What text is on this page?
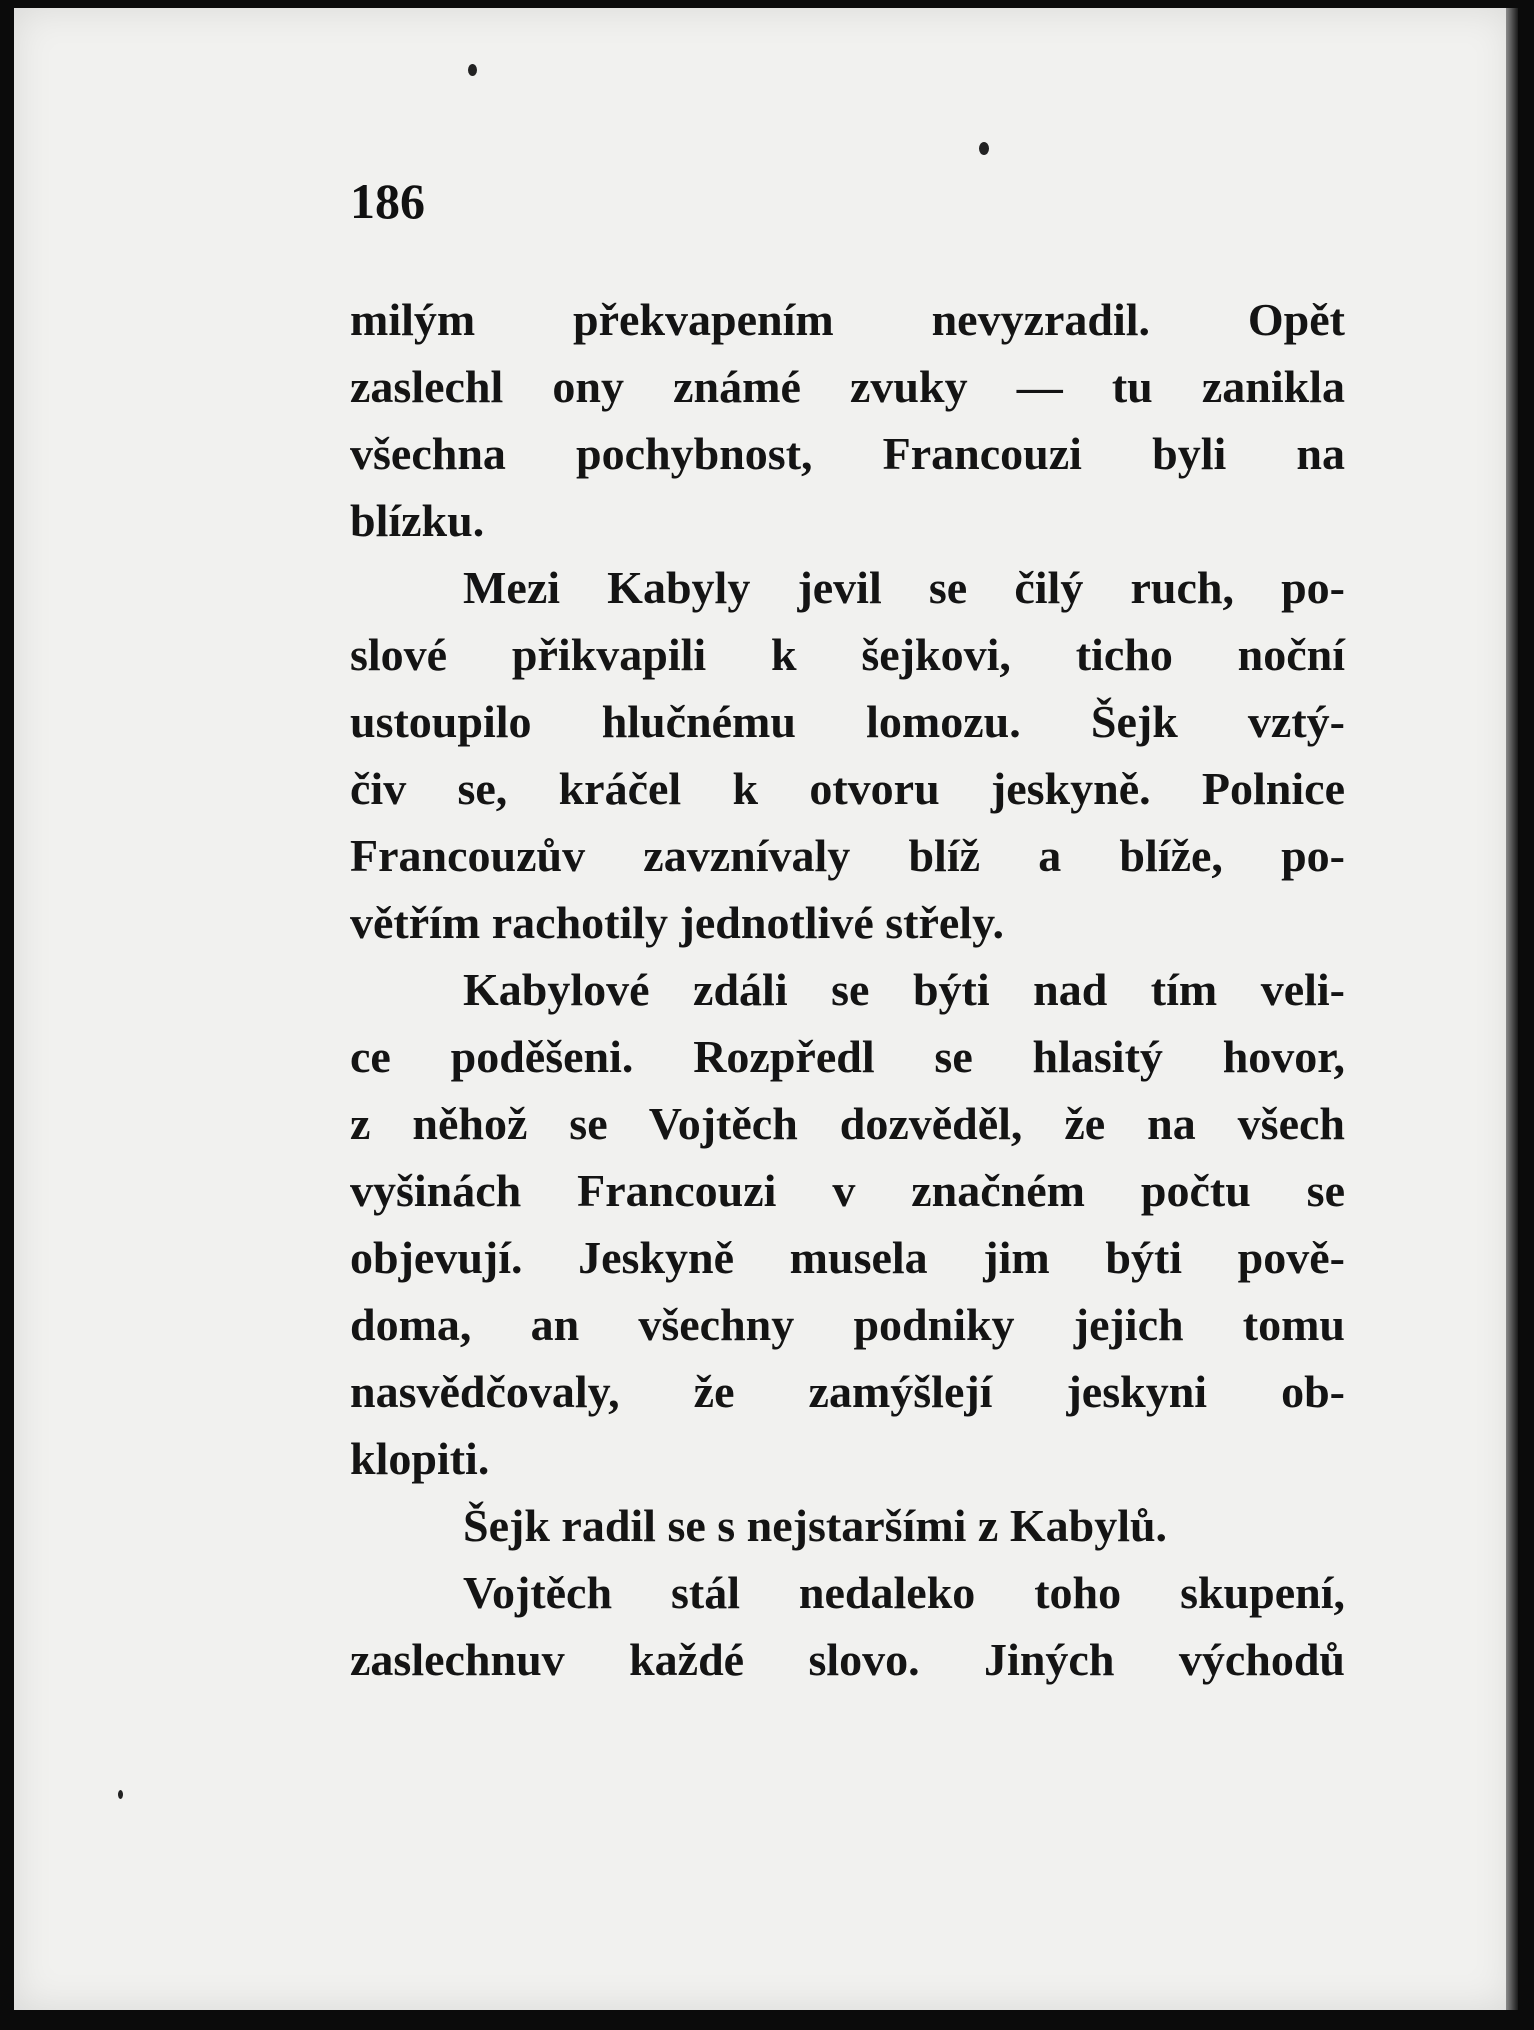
186

milým překvapením nevyzradil. Opět
zaslechl ony známé zvuky — tu zanikla
všechna pochybnost, Francouzi byli na
blízku.
Mezi Kabyly jevil se čilý ruch, po-
slové přikvapili k šejkovi, ticho noční
ustoupilo hlučnému lomozu. Šejk vztý-
čiv se, kráčel k otvoru jeskyně. Polnice
Francouzův zavznívaly blíž a blíže, po-
větřím rachotily jednotlivé střely.
Kabylové zdáli se býti nad tím veli-
ce poděšeni. Rozpředl se hlasitý hovor,
z něhož se Vojtěch dozvěděl, že na všech
vyšinách Francouzi v značném počtu se
objevují. Jeskyně musela jim býti pově-
doma, an všechny podniky jejich tomu
nasvědčovaly, že zamýšlejí jeskyni ob-
klopiti.
Šejk radil se s nejstaršími z Kabylů.
Vojtěch stál nedaleko toho skupení,
zaslechnuv každé slovo. Jiných východů
